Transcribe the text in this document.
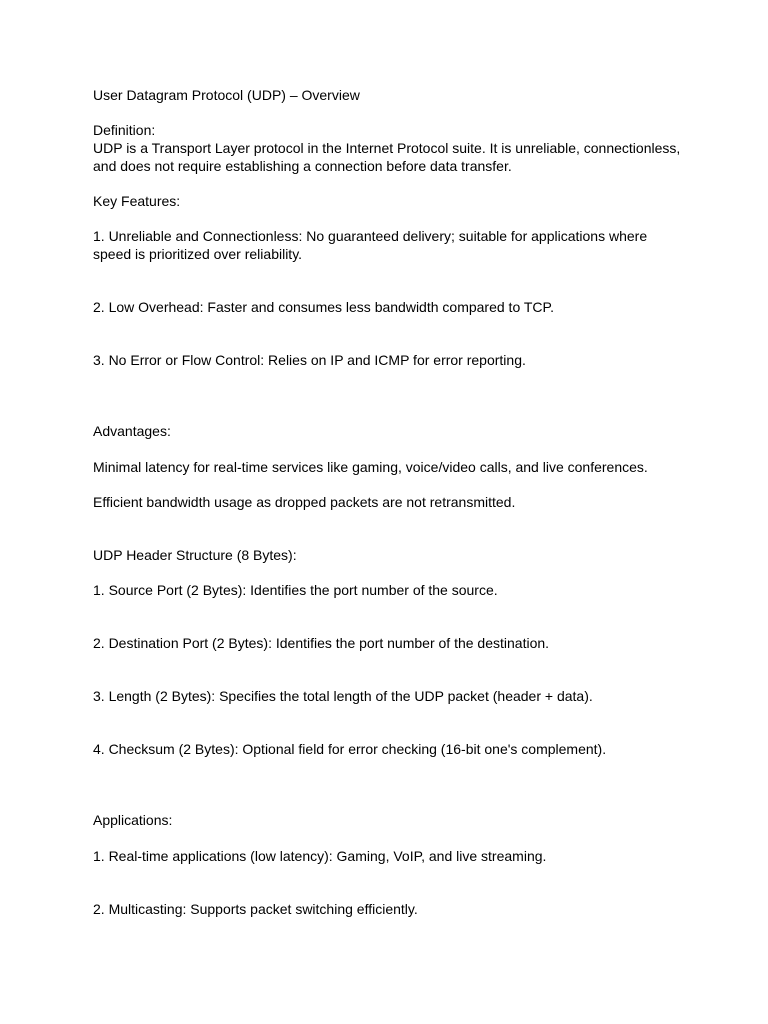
User Datagram Protocol (UDP) – Overview

Definition:

UDP is a Transport Layer protocol in the Internet Protocol suite. It is unreliable, connectionless, and does not require establishing a connection before data transfer.

Key Features:

1. Unreliable and Connectionless: No guaranteed delivery; suitable for applications where speed is prioritized over reliability.

2. Low Overhead: Faster and consumes less bandwidth compared to TCP.

3. No Error or Flow Control: Relies on IP and ICMP for error reporting.

Advantages:

Minimal latency for real-time services like gaming, voice/video calls, and live conferences.

Efficient bandwidth usage as dropped packets are not retransmitted.

UDP Header Structure (8 Bytes):

1. Source Port (2 Bytes): Identifies the port number of the source.

2. Destination Port (2 Bytes): Identifies the port number of the destination.

3. Length (2 Bytes): Specifies the total length of the UDP packet (header + data).

4. Checksum (2 Bytes): Optional field for error checking (16-bit one's complement).

Applications:

1. Real-time applications (low latency): Gaming, VoIP, and live streaming.

2. Multicasting: Supports packet switching efficiently.
